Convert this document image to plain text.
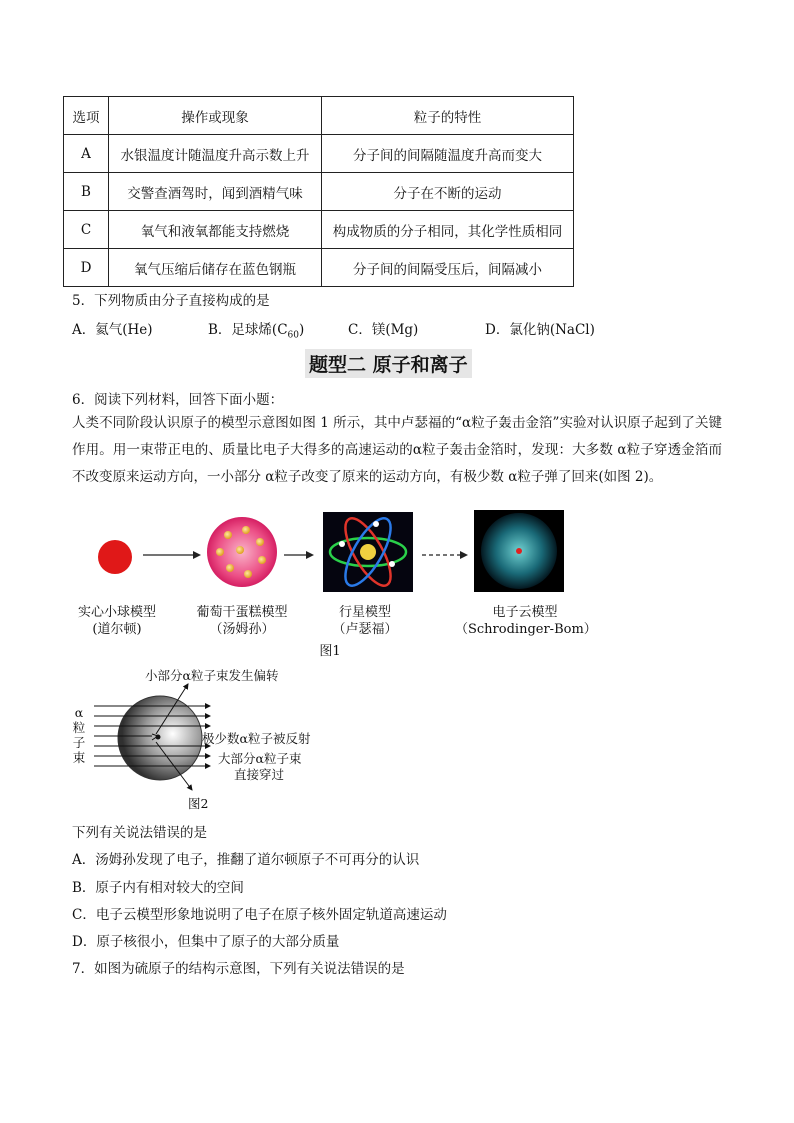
选项	操作或现象	粒子的特性
A	水银温度计随温度升高示数上升	分子间的间隔随温度升高而变大
B	交警查酒驾时，闻到酒精气味	分子在不断的运动
C	氧气和液氧都能支持燃烧	构成物质的分子相同，其化学性质相同
D	氧气压缩后储存在蓝色钢瓶	分子间的间隔受压后，间隔减小
5．下列物质由分子直接构成的是
A．氦气(He)	B．足球烯$(C_{60})$	C．镁(Mg)	D．氯化钠(NaCl)
题型二 原子和离子
6．阅读下列材料，回答下面小题：
人类不同阶段认识原子的模型示意图如图 1 所示，其中卢瑟福的“α粒子轰击金箔”实验对认识原子起到了关键作用。用一束带正电的、质量比电子大得多的高速运动的α粒子轰击金箔时，发现：大多数 α粒子穿透金箔而不改变原来运动方向，一小部分 α粒子改变了原来的运动方向，有极少数 α粒子弹了回来(如图 2)。
实心小球模型
(道尔顿)
葡萄干蛋糕模型
（汤姆孙）
行星模型
（卢瑟福）
电子云模型
（Schrodinger-Bom）
图1
α
粒
子
束
小部分α粒子束发生偏转
极少数α粒子被反射
大部分α粒子束
直接穿过
图2
下列有关说法错误的是
A．汤姆孙发现了电子，推翻了道尔顿原子不可再分的认识
B．原子内有相对较大的空间
C．电子云模型形象地说明了电子在原子核外固定轨道高速运动
D．原子核很小，但集中了原子的大部分质量
7．如图为硫原子的结构示意图，下列有关说法错误的是
